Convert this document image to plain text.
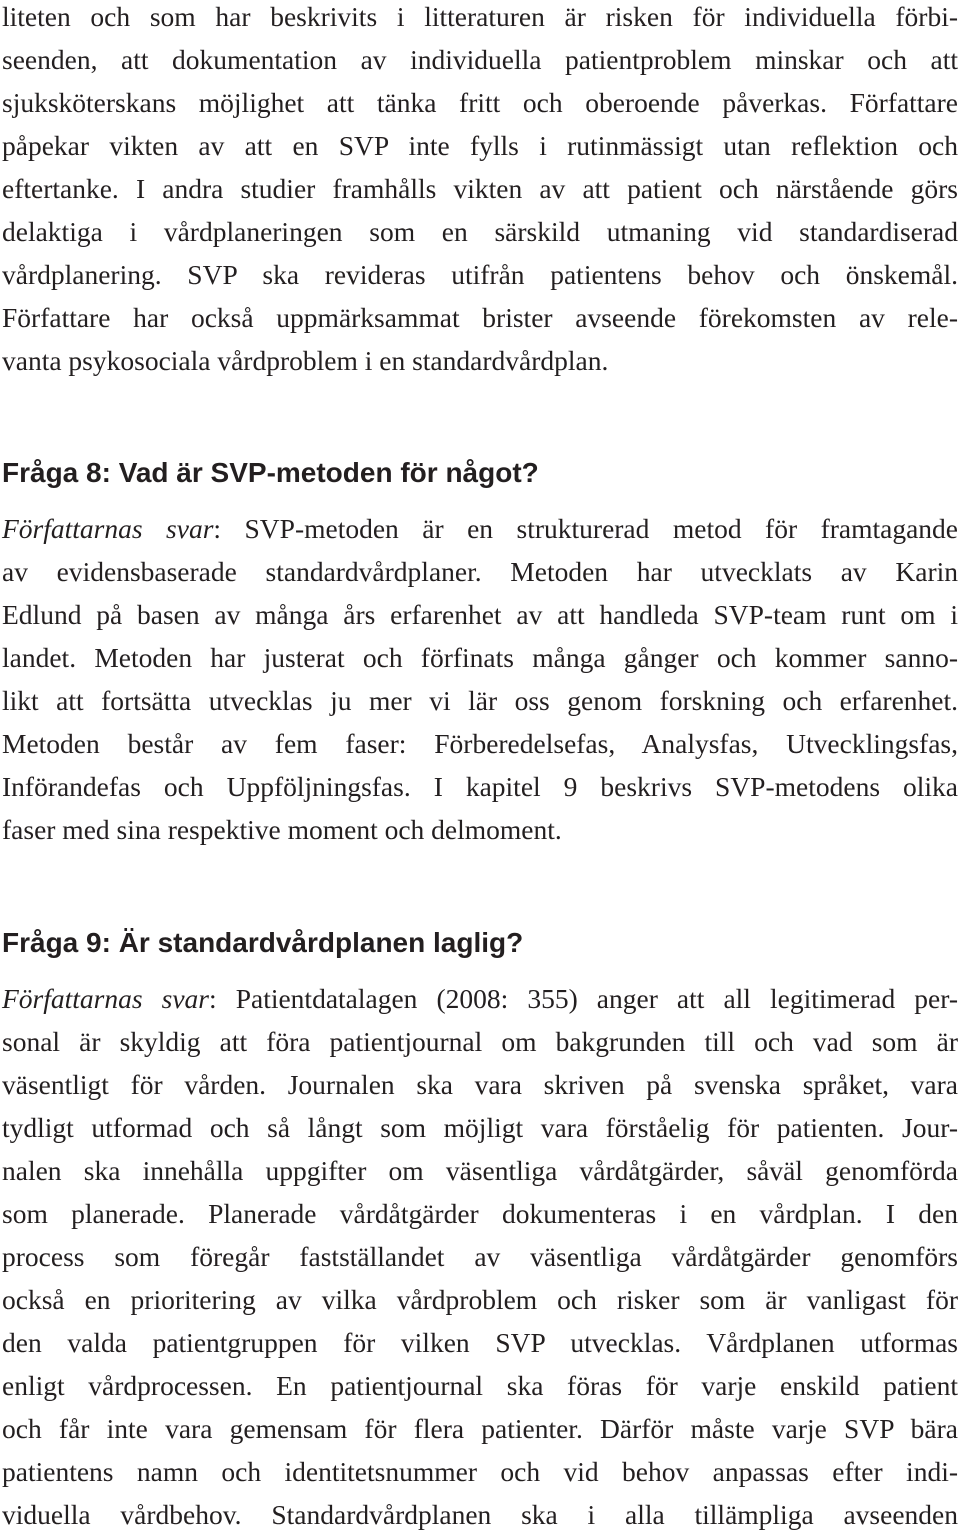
liteten och som har beskrivits i litteraturen är risken för individuella förbi-
seenden, att dokumentation av individuella patientproblem minskar och att
sjuksköterskans möjlighet att tänka fritt och oberoende påverkas. Författare
påpekar vikten av att en SVP inte fylls i rutinmässigt utan reflektion och
eftertanke. I andra studier framhålls vikten av att patient och närstående görs
delaktiga i vårdplaneringen som en särskild utmaning vid standardiserad
vårdplanering. SVP ska revideras utifrån patientens behov och önskemål.
Författare har också uppmärksammat brister avseende förekomsten av rele-
vanta psykosociala vårdproblem i en standardvårdplan.

Fråga 8: Vad är SVP-metoden för något?

Författarnas svar: SVP-metoden är en strukturerad metod för framtagande
av evidensbaserade standardvårdplaner. Metoden har utvecklats av Karin
Edlund på basen av många års erfarenhet av att handleda SVP-team runt om i
landet. Metoden har justerat och förfinats många gånger och kommer sanno-
likt att fortsätta utvecklas ju mer vi lär oss genom forskning och erfarenhet.
Metoden består av fem faser: Förberedelsefas, Analysfas, Utvecklingsfas,
Införandefas och Uppföljningsfas. I kapitel 9 beskrivs SVP-metodens olika
faser med sina respektive moment och delmoment.

Fråga 9: Är standardvårdplanen laglig?

Författarnas svar: Patientdatalagen (2008: 355) anger att all legitimerad per-
sonal är skyldig att föra patientjournal om bakgrunden till och vad som är
väsentligt för vården. Journalen ska vara skriven på svenska språket, vara
tydligt utformad och så långt som möjligt vara förståelig för patienten. Jour-
nalen ska innehålla uppgifter om väsentliga vårdåtgärder, såväl genomförda
som planerade. Planerade vårdåtgärder dokumenteras i en vårdplan. I den
process som föregår fastställandet av väsentliga vårdåtgärder genomförs
också en prioritering av vilka vårdproblem och risker som är vanligast för
den valda patientgruppen för vilken SVP utvecklas. Vårdplanen utformas
enligt vårdprocessen. En patientjournal ska föras för varje enskild patient
och får inte vara gemensam för flera patienter. Därför måste varje SVP bära
patientens namn och identitetsnummer och vid behov anpassas efter indi-
viduella vårdbehov. Standardvårdplanen ska i alla tillämpliga avseenden
